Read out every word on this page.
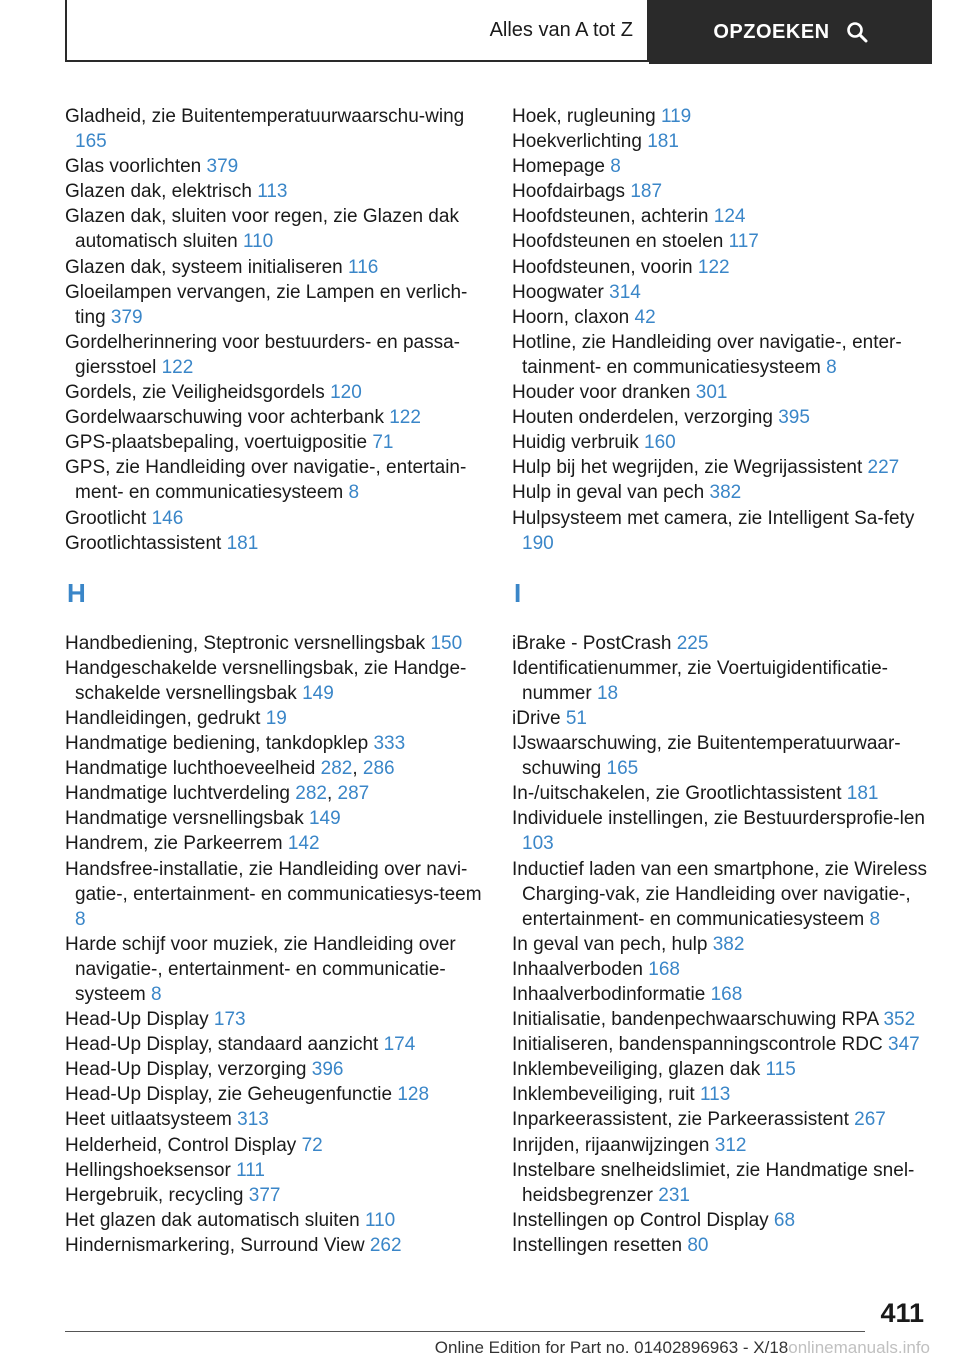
Alles van A tot Z	OPZOEKEN
Gladheid, zie Buitentemperatuurwaarschu‐wing 165
Glas voorlichten 379
Glazen dak, elektrisch 113
Glazen dak, sluiten voor regen, zie Glazen dak automatisch sluiten 110
Glazen dak, systeem initialiseren 116
Gloeilampen vervangen, zie Lampen en verlich‐ting 379
Gordelherinnering voor bestuurders- en passa‐giersstoel 122
Gordels, zie Veiligheidsgordels 120
Gordelwaarschuwing voor achterbank 122
GPS-plaatsbepaling, voertuigpositie 71
GPS, zie Handleiding over navigatie-, entertain‐ment- en communicatiesysteem 8
Grootlicht 146
Grootlichtassistent 181
H
Handbediening, Steptronic versnellingsbak 150
Handgeschakelde versnellingsbak, zie Handge‐schakelde versnellingsbak 149
Handleidingen, gedrukt 19
Handmatige bediening, tankdopklep 333
Handmatige luchthoeveelheid 282, 286
Handmatige luchtverdeling 282, 287
Handmatige versnellingsbak 149
Handrem, zie Parkeerrem 142
Handsfree-installatie, zie Handleiding over navi‐gatie-, entertainment- en communicatiesys‐teem 8
Harde schijf voor muziek, zie Handleiding over navigatie-, entertainment- en communicatie‐systeem 8
Head-Up Display 173
Head-Up Display, standaard aanzicht 174
Head-Up Display, verzorging 396
Head-Up Display, zie Geheugenfunctie 128
Heet uitlaatsysteem 313
Helderheid, Control Display 72
Hellingshoeksensor 111
Hergebruik, recycling 377
Het glazen dak automatisch sluiten 110
Hindernismarkering, Surround View 262
Hoek, rugleuning 119
Hoekverlichting 181
Homepage 8
Hoofdairbags 187
Hoofdsteunen, achterin 124
Hoofdsteunen en stoelen 117
Hoofdsteunen, voorin 122
Hoogwater 314
Hoorn, claxon 42
Hotline, zie Handleiding over navigatie-, enter‐tainment- en communicatiesysteem 8
Houder voor dranken 301
Houten onderdelen, verzorging 395
Huidig verbruik 160
Hulp bij het wegrijden, zie Wegrijassistent 227
Hulp in geval van pech 382
Hulpsysteem met camera, zie Intelligent Sa‐fety 190
I
iBrake - PostCrash 225
Identificatienummer, zie Voertuigidentificatie‐nummer 18
iDrive 51
IJswaarschuwing, zie Buitentemperatuurwaar‐schuwing 165
In-/uitschakelen, zie Grootlichtassistent 181
Individuele instellingen, zie Bestuurdersprofie‐len 103
Inductief laden van een smartphone, zie Wireless Charging-vak, zie Handleiding over navigatie-, entertainment- en communicatiesysteem 8
In geval van pech, hulp 382
Inhaalverboden 168
Inhaalverbodinformatie 168
Initialisatie, bandenpechwaarschuwing RPA 352
Initialiseren, bandenspanningscontrole RDC 347
Inklembeveiliging, glazen dak 115
Inklembeveiliging, ruit 113
Inparkeerassistent, zie Parkeerassistent 267
Inrijden, rijaanwijzingen 312
Instelbare snelheidslimiet, zie Handmatige snel‐heidsbegrenzer 231
Instellingen op Control Display 68
Instellingen resetten 80
411
Online Edition for Part no. 01402896963 - X/18 onlinemanuals.info
